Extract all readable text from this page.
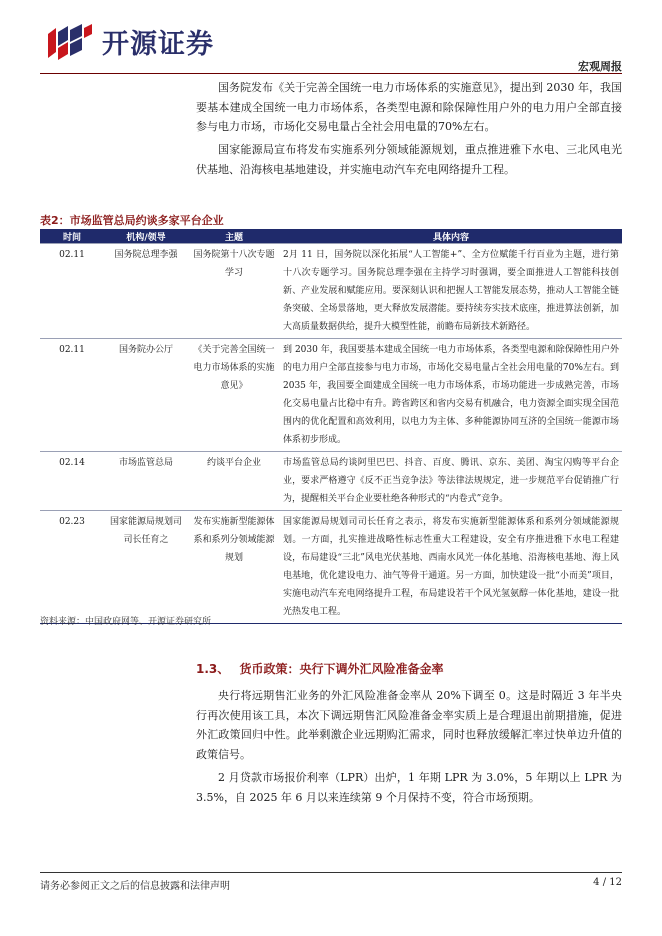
开源证券
宏观周报

国务院发布《关于完善全国统一电力市场体系的实施意见》，提出到 2030 年，我国要基本建成全国统一电力市场体系，各类型电源和除保障性用户外的电力用户全部直接参与电力市场，市场化交易电量占全社会用电量的70%左右。

国家能源局宣布将发布实施系列分领域能源规划，重点推进雅下水电、三北风电光伏基地、沿海核电基地建设，并实施电动汽车充电网络提升工程。

表2：市场监管总局约谈多家平台企业
时间	机构/领导	主题	具体内容
02.11	国务院总理李强	国务院第十八次专题学习	2月 11 日，国务院以深化拓展“人工智能+”、全方位赋能千行百业为主题，进行第十八次专题学习。国务院总理李强在主持学习时强调，要全面推进人工智能科技创新、产业发展和赋能应用。要深刻认识和把握人工智能发展态势，推动人工智能全链条突破、全场景落地，更大释放发展潜能。要持续夯实技术底座，推进算法创新，加大高质量数据供给，提升大模型性能，前瞻布局新技术新路径。
02.11	国务院办公厅	《关于完善全国统一电力市场体系的实施意见》	到 2030 年，我国要基本建成全国统一电力市场体系，各类型电源和除保障性用户外的电力用户全部直接参与电力市场，市场化交易电量占全社会用电量的70%左右。到 2035 年，我国要全面建成全国统一电力市场体系，市场功能进一步成熟完善，市场化交易电量占比稳中有升。跨省跨区和省内交易有机融合，电力资源全面实现全国范围内的优化配置和高效利用，以电力为主体、多种能源协同互济的全国统一能源市场体系初步形成。
02.14	市场监管总局	约谈平台企业	市场监管总局约谈阿里巴巴、抖音、百度、腾讯、京东、美团、淘宝闪购等平台企业，要求严格遵守《反不正当竞争法》等法律法规规定，进一步规范平台促销推广行为，提醒相关平台企业要杜绝各种形式的“内卷式”竞争。
02.23	国家能源局规划司司长任育之	发布实施新型能源体系和系列分领域能源规划	国家能源局规划司司长任育之表示，将发布实施新型能源体系和系列分领域能源规划。一方面，扎实推进战略性标志性重大工程建设，安全有序推进雅下水电工程建设，布局建设“三北”风电光伏基地、西南水风光一体化基地、沿海核电基地、海上风电基地，优化建设电力、油气等骨干通道。另一方面，加快建设一批“小而美”项目，实施电动汽车充电网络提升工程，布局建设若干个风光氢氨醇一体化基地，建设一批光热发电工程。
资料来源：中国政府网等、开源证券研究所
1.3、 货币政策：央行下调外汇风险准备金率

央行将远期售汇业务的外汇风险准备金率从 20%下调至 0。这是时隔近 3 年半央行再次使用该工具，本次下调远期售汇风险准备金率实质上是合理退出前期措施，促进外汇政策回归中性。此举剩激企业远期购汇需求，同时也释放缓解汇率过快单边升值的政策信号。

2 月贷款市场报价利率（LPR）出炉，1 年期 LPR 为 3.0%，5 年期以上 LPR 为3.5%，自 2025 年 6 月以来连续第 9 个月保持不变，符合市场预期。

请务必参阅正文之后的信息披露和法律声明	4 / 12
